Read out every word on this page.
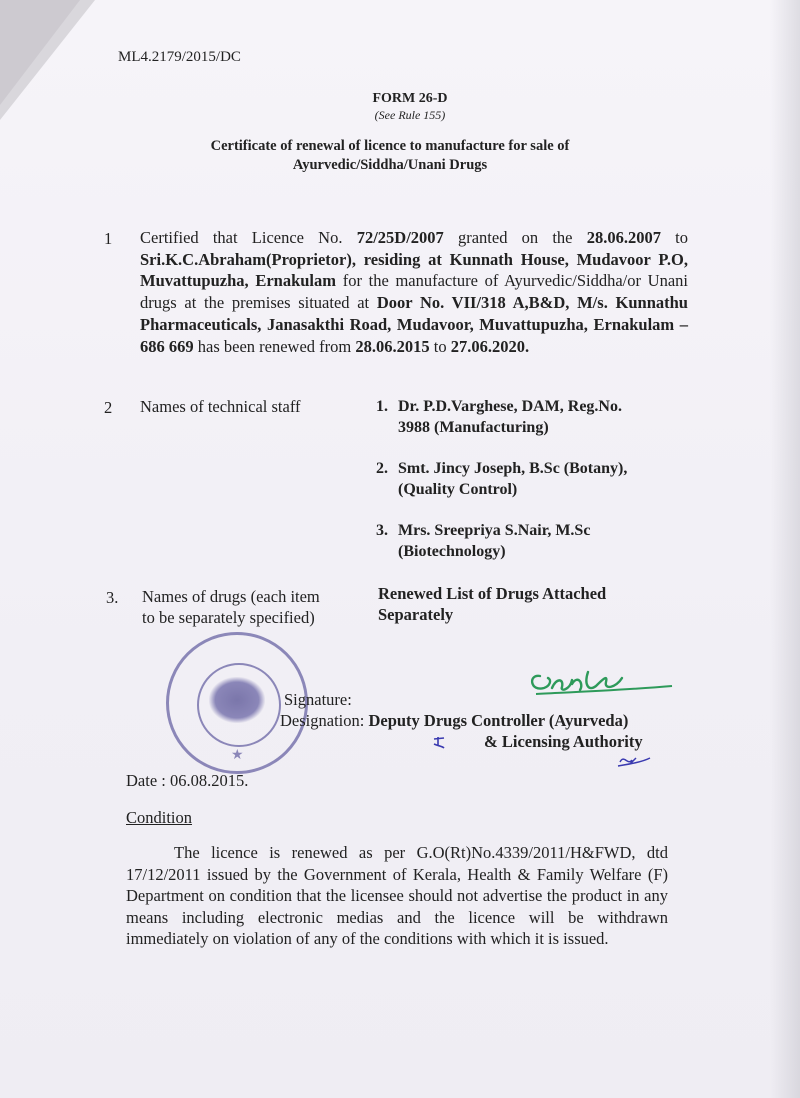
ML4.2179/2015/DC
FORM 26-D
(See Rule 155)
Certificate of renewal of licence to manufacture for sale of
Ayurvedic/Siddha/Unani Drugs
1 Certified that Licence No. 72/25D/2007 granted on the 28.06.2007 to Sri.K.C.Abraham(Proprietor), residing at Kunnath House, Mudavoor P.O, Muvattupuzha, Ernakulam for the manufacture of Ayurvedic/Siddha/or Unani drugs at the premises situated at Door No. VII/318 A,B&D, M/s. Kunnathu Pharmaceuticals, Janasakthi Road, Mudavoor, Muvattupuzha, Ernakulam – 686 669 has been renewed from 28.06.2015 to 27.06.2020.
2 Names of technical staff	1. Dr. P.D.Varghese, DAM, Reg.No.
3988 (Manufacturing)
2. Smt. Jincy Joseph, B.Sc (Botany),
(Quality Control)
3. Mrs. Sreepriya S.Nair, M.Sc
(Biotechnology)
3. Names of drugs (each item
to be separately specified)
Renewed List of Drugs Attached
Separately
★
Signature:
Designation: Deputy Drugs Controller (Ayurveda)
& Licensing Authority
Date : 06.08.2015.
Condition
The licence is renewed as per G.O(Rt)No.4339/2011/H&FWD, dtd 17/12/2011 issued by the Government of Kerala, Health & Family Welfare (F) Department on condition that the licensee should not advertise the product in any means including electronic medias and the licence will be withdrawn immediately on violation of any of the conditions with which it is issued.
